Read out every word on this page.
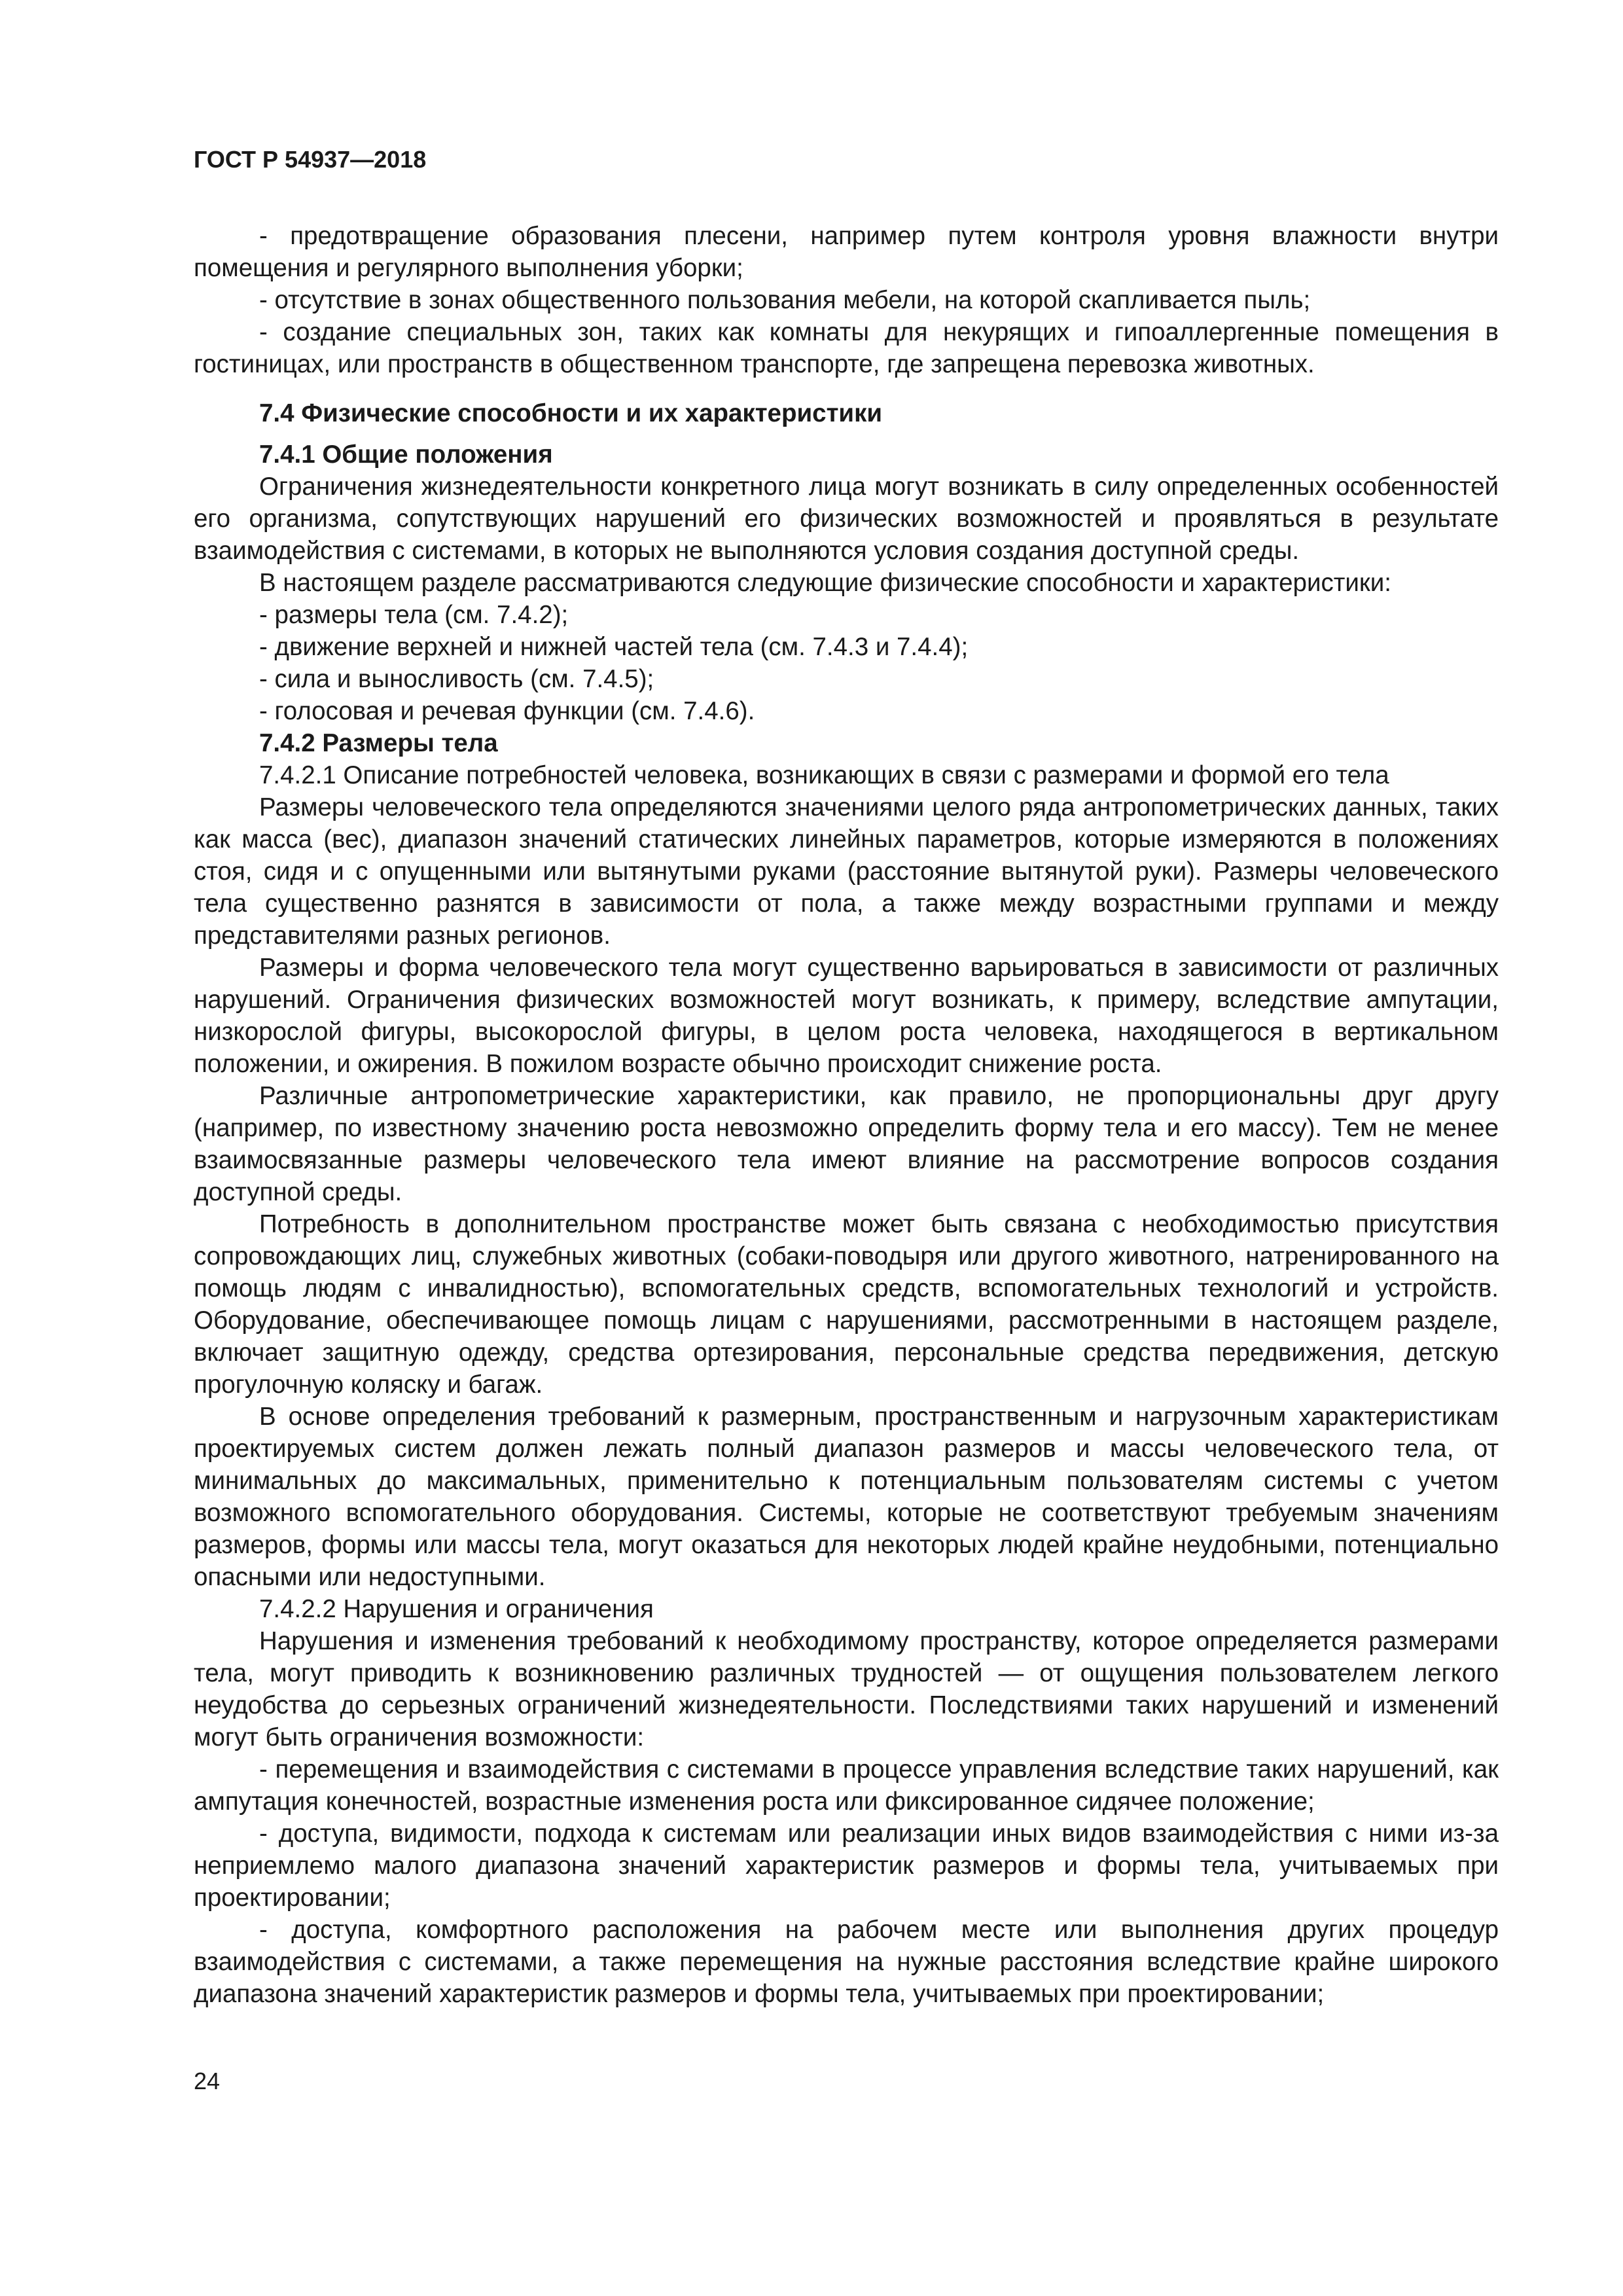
ГОСТ Р 54937—2018

- предотвращение образования плесени, например путем контроля уровня влажности внутри помещения и регулярного выполнения уборки;

- отсутствие в зонах общественного пользования мебели, на которой скапливается пыль;

- создание специальных зон, таких как комнаты для некурящих и гипоаллергенные помещения в гостиницах, или пространств в общественном транспорте, где запрещена перевозка животных.

7.4 Физические способности и их характеристики
7.4.1 Общие положения

Ограничения жизнедеятельности конкретного лица могут возникать в силу определенных особенностей его организма, сопутствующих нарушений его физических возможностей и проявляться в результате взаимодействия с системами, в которых не выполняются условия создания доступной среды.

В настоящем разделе рассматриваются следующие физические способности и характеристики:

- размеры тела (см. 7.4.2);

- движение верхней и нижней частей тела (см. 7.4.3 и 7.4.4);

- сила и выносливость (см. 7.4.5);

- голосовая и речевая функции (см. 7.4.6).

7.4.2 Размеры тела

7.4.2.1 Описание потребностей человека, возникающих в связи с размерами и формой его тела

Размеры человеческого тела определяются значениями целого ряда антропометрических данных, таких как масса (вес), диапазон значений статических линейных параметров, которые измеряются в положениях стоя, сидя и с опущенными или вытянутыми руками (расстояние вытянутой руки). Размеры человеческого тела существенно разнятся в зависимости от пола, а также между возрастными группами и между представителями разных регионов.

Размеры и форма человеческого тела могут существенно варьироваться в зависимости от различных нарушений. Ограничения физических возможностей могут возникать, к примеру, вследствие ампутации, низкорослой фигуры, высокорослой фигуры, в целом роста человека, находящегося в вертикальном положении, и ожирения. В пожилом возрасте обычно происходит снижение роста.

Различные антропометрические характеристики, как правило, не пропорциональны друг другу (например, по известному значению роста невозможно определить форму тела и его массу). Тем не менее взаимосвязанные размеры человеческого тела имеют влияние на рассмотрение вопросов создания доступной среды.

Потребность в дополнительном пространстве может быть связана с необходимостью присутствия сопровождающих лиц, служебных животных (собаки-поводыря или другого животного, натренированного на помощь людям с инвалидностью), вспомогательных средств, вспомогательных технологий и устройств. Оборудование, обеспечивающее помощь лицам с нарушениями, рассмотренными в настоящем разделе, включает защитную одежду, средства ортезирования, персональные средства передвижения, детскую прогулочную коляску и багаж.

В основе определения требований к размерным, пространственным и нагрузочным характеристикам проектируемых систем должен лежать полный диапазон размеров и массы человеческого тела, от минимальных до максимальных, применительно к потенциальным пользователям системы с учетом возможного вспомогательного оборудования. Системы, которые не соответствуют требуемым значениям размеров, формы или массы тела, могут оказаться для некоторых людей крайне неудобными, потенциально опасными или недоступными.

7.4.2.2 Нарушения и ограничения

Нарушения и изменения требований к необходимому пространству, которое определяется размерами тела, могут приводить к возникновению различных трудностей — от ощущения пользователем легкого неудобства до серьезных ограничений жизнедеятельности. Последствиями таких нарушений и изменений могут быть ограничения возможности:

- перемещения и взаимодействия с системами в процессе управления вследствие таких нарушений, как ампутация конечностей, возрастные изменения роста или фиксированное сидячее положение;

- доступа, видимости, подхода к системам или реализации иных видов взаимодействия с ними из-за неприемлемо малого диапазона значений характеристик размеров и формы тела, учитываемых при проектировании;

- доступа, комфортного расположения на рабочем месте или выполнения других процедур взаимодействия с системами, а также перемещения на нужные расстояния вследствие крайне широкого диапазона значений характеристик размеров и формы тела, учитываемых при проектировании;

24
